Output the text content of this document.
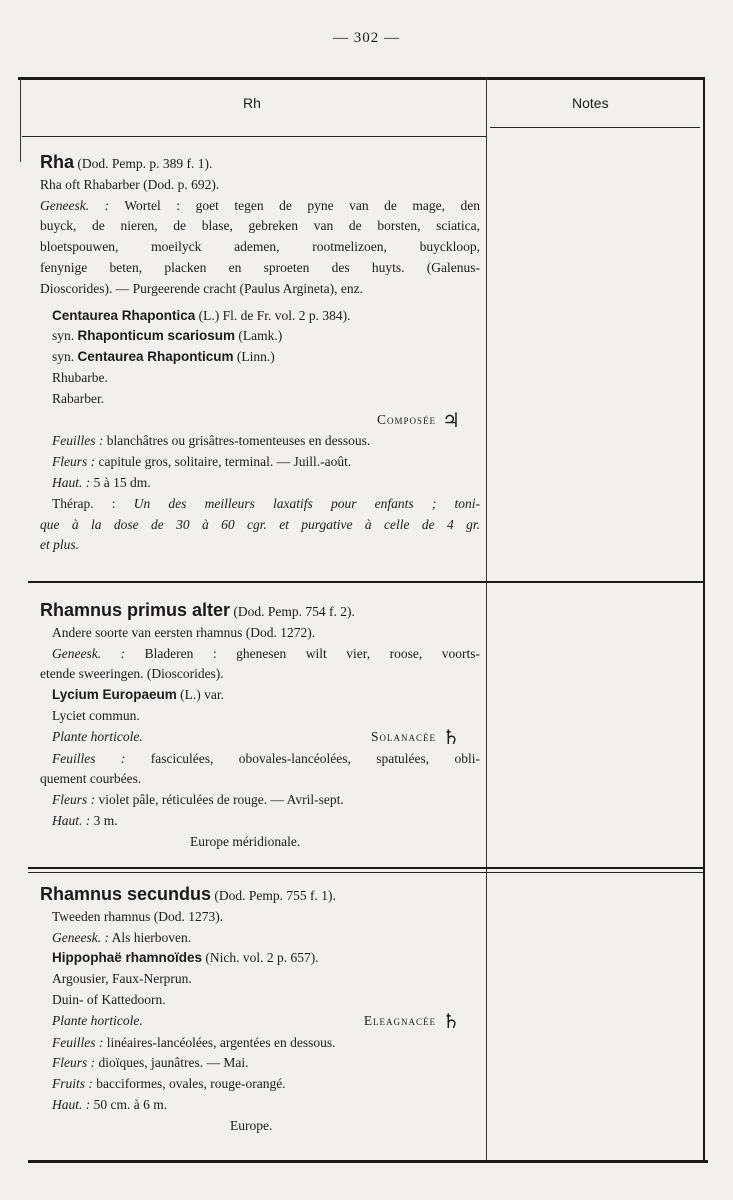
— 302 —
Rh	Notes
Rha (Dod. Pemp. p. 389 f. 1).
Rha oft Rhabarber (Dod. p. 692).
Geneesk. : Wortel : goet tegen de pyne van de mage, den
buyck, de nieren, de blase, gebreken van de borsten, sciatica,
bloetspouwen, moeilyck ademen, rootmelizoen, buyckloop,
fenynige beten, placken en sproeten des huyts. (Galenus-
Dioscorides). — Purgeerende cracht (Paulus Argineta), enz.
Centaurea Rhapontica (L.) Fl. de Fr. vol. 2 p. 384).
syn. Rhaponticum scariosum (Lamk.)
syn. Centaurea Rhaponticum (Linn.)
Rhubarbe.
Rabarber.
Composée ♃
Feuilles : blanchâtres ou grisâtres-tomenteuses en dessous.
Fleurs : capitule gros, solitaire, terminal. — Juill.-août.
Haut. : 5 à 15 dm.
Thérap. : Un des meilleurs laxatifs pour enfants ; toni-
que à la dose de 30 à 60 cgr. et purgative à celle de 4 gr.
et plus.
Rhamnus primus alter (Dod. Pemp. 754 f. 2).
Andere soorte van eersten rhamnus (Dod. 1272).
Geneesk. : Bladeren : ghenesen wilt vier, roose, voorts-
etende sweeringen. (Dioscorides).
Lycium Europaeum (L.) var.
Lyciet commun.
Plante horticole.	Solanacée ♄
Feuilles : fasciculées, obovales-lancéolées, spatulées, obli-
quement courbées.
Fleurs : violet pâle, réticulées de rouge. — Avril-sept.
Haut. : 3 m.
Europe méridionale.
Rhamnus secundus (Dod. Pemp. 755 f. 1).
Tweeden rhamnus (Dod. 1273).
Geneesk. : Als hierboven.
Hippophaë rhamnoïdes (Nich. vol. 2 p. 657).
Argousier, Faux-Nerprun.
Duin- of Kattedoorn.
Plante horticole.	Eleagnacée ♄
Feuilles : linéaires-lancéolées, argentées en dessous.
Fleurs : dioïques, jaunâtres. — Mai.
Fruits : bacciformes, ovales, rouge-orangé.
Haut. : 50 cm. à 6 m.
Europe.
